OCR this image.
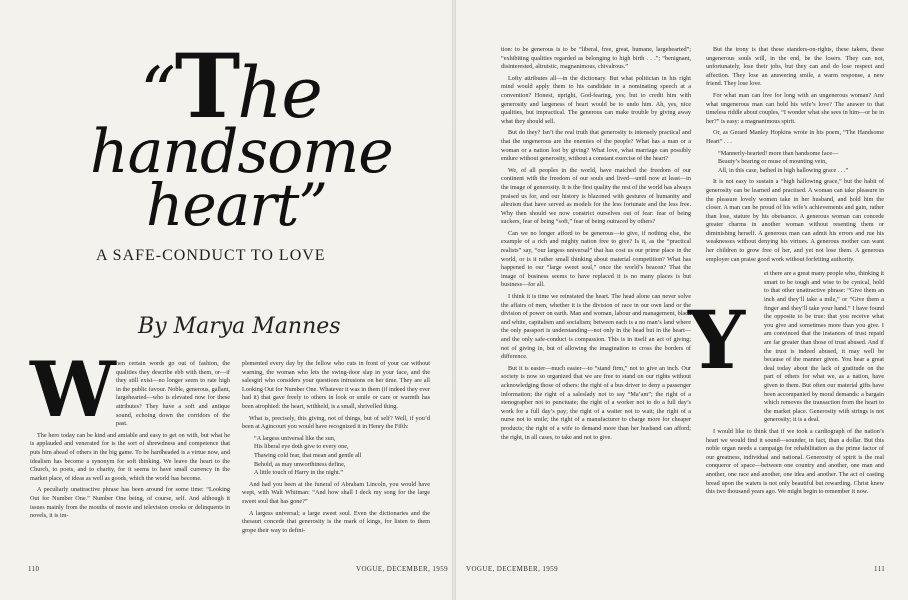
“The
handsome
heart”
A SAFE-CONDUCT TO LOVE
By Marya Mannes
W hen certain words go out of fashion, the qualities they describe ebb with them, or—if they still exist—no longer seem to rate high in the public favour. Noble, generous, gallant, largehearted—who is elevated now for these attributes? They have a soft and antique sound, echoing down the corridors of the past.

The hero today can be kind and amiable and easy to get on with, but what he is applauded and venerated for is the sort of shrewdness and competence that puts him ahead of others in the big game. To be hardheaded is a virtue now, and idealism has become a synonym for soft thinking. We leave the heart to the Church, to poets, and to charity, for it seems to have small currency in the market place, of ideas as well as goods, which the world has become.

A peculiarly unattractive phrase has been around for some time: “Looking Out for Number One.” Number One being, of course, self. And although it issues mainly from the mouths of movie and television crooks or delinquents in novels, it is im-

plemented every day by the fellow who cuts in front of your car without warning, the woman who lets the swing-door slap in your face, and the salesgirl who considers your questions intrusions on her time. They are all Looking Out for Number One. Whatever it was in them (if indeed they ever had it) that gave freely to others in look or smile or care or warmth has been atrophied: the heart, withheld, is a small, shrivelled thing.

What is, precisely, this giving, not of things, but of self? Well, if you’d been at Agincourt you would have recognized it in Henry the Fifth:

“A largess universal like the sun,
His liberal eye doth give to every one,
Thawing cold fear, that mean and gentle all
Behold, as may unworthiness define,
A little touch of Harry in the night.”

And had you been at the funeral of Abraham Lincoln, you would have wept, with Walt Whitman: “And how shall I deck my song for the large sweet soul that has gone?”

A largess universal; a large sweet soul. Even the dictionaries and the thesauri concede that generosity is the mark of kings, for listen to them grope their way to defini-

110	VOGUE, DECEMBER, 1959

tion: to be generous is to be “liberal, free, great, humane, largehearted”; “exhibiting qualities regarded as belonging to high birth . . .”; “benignant, disinterested, altruistic, magnanimous, chivalrous.”

Lofty attributes all—in the dictionary. But what politician in his right mind would apply them to his candidate in a nominating speech at a convention? Honest, upright, God-fearing, yes; but to credit him with generosity and largeness of heart would be to undo him. Ah, yes, nice qualities, but impractical. The generous can make trouble by giving away what they should sell.

But do they? Isn’t the real truth that generosity is intensely practical and that the ungenerous are the enemies of the people? What has a man or a woman or a nation lost by giving? What love, what marriage can possibly endure without generosity, without a constant exercise of the heart?

We, of all peoples in the world, have matched the freedom of our continent with the freedom of our souls and lived—until now at least—in the image of generosity. It is the first quality the rest of the world has always praised us for, and our history is blazoned with gestures of humanity and altruism that have served as models for the less fortunate and the less free. Why then should we now constrict ourselves out of fear: fear of being suckers, fear of being “soft,” fear of being outraced by others?

Can we no longer afford to be generous—to give, if nothing else, the example of a rich and mighty nation free to give? Is it, as the “practical realists” say, “our largess universal” that has cost us our prime place in the world, or is it rather small thinking about material competition? What has happened to our “large sweet soul,” once the world’s beacon? That the image of business seems to have replaced it is no many places is but business—for all.

I think it is time we reinstated the heart. The head alone can never solve the affairs of men, whether it is the division of race in our own land or the division of power on earth. Man and woman, labour and management, black and white, capitalism and socialism; between each is a no man’s land where the only passport is understanding—not only in the head but in the heart—and the only safe-conduct is compassion. This is in itself an act of giving; not of giving in, but of allowing the imagination to cross the borders of difference.

But it is easier—much easier—to “stand firm,” not to give an inch. Our society is now so organized that we are free to stand on our rights without acknowledging those of others: the right of a bus driver to deny a passenger information; the right of a saleslady not to say “Ma’am”; the right of a stenographer not to punctuate; the right of a worker not to do a full day’s work for a full day’s pay; the right of a waiter not to wait; the right of a nurse not to smile; the right of a manufacturer to charge more for cheaper products; the right of a wife to demand more than her husband can afford; the right, in all cases, to take and not to give.

But the irony is that these standers-on-rights, these takers, these ungenerous souls will, in the end, be the losers. They can not, unfortunately, lose their jobs, but they can and do lose respect and affection. They lose an answering smile, a warm response, a new friend. They lose love.

For what man can live for long with an ungenerous woman? And what ungenerous man can hold his wife’s love? The answer to that timeless riddle about couples, “I wonder what she sees in him—or he in her?” is easy: a magnanimous spirit.

Or, as Gerard Manley Hopkins wrote in his poem, “The Handsome Heart” . . .

“Mannerly-hearted! more than handsome face—
Beauty’s bearing or muse of mounting vein,
All, in this case, bathed in high hallowing grace . . .”

It is not easy to sustain a “high hallowing grace,” but the habit of generosity can be learned and practised. A woman can take pleasure in the pleasure lovely women take in her husband, and hold him the closer. A man can be proud of his wife’s achievements and gain, rather than lose, stature by his obeisance. A generous woman can concede greater charms in another woman without resenting them or diminishing herself. A generous man can admit his errors and rue his weaknesses without denying his virtues. A generous mother can want her children to grow free of her, and yet not lose them. A generous employer can praise good work without forfeiting authority.

et there are a great many people who, thinking it smart to be tough and wise to be cynical, hold to that other unattractive phrase: “Give them an inch and they’ll take a mile,” or “Give them a finger and they’ll take your hand.” I have found the opposite to be true: that you receive what you give and sometimes more than you give. I am convinced that the instances of trust repaid are far greater than those of trust abused. And if the trust is indeed abused, it may well be because of the manner given. You hear a great deal today about the lack of gratitude on the part of others for what we, as a nation, have given to them. But often our material gifts have been accompanied by moral demands: a bargain which removes the transaction from the heart to the market place. Generosity with strings is not generosity; it is a deal.

I would like to think that if we took a cardiograph of the nation’s heart we would find it sound—sounder, in fact, than a dollar. But this noble organ needs a campaign for rehabilitation as the prime factor of our greatness, individual and national. Generosity of spirit is the real conqueror of space—between one country and another, one man and another, one race and another, one idea and another. The act of casting bread upon the waters is not only beautiful but rewarding. Christ knew this two thousand years ago. We might begin to remember it now.

Y
VOGUE, DECEMBER, 1959	111
